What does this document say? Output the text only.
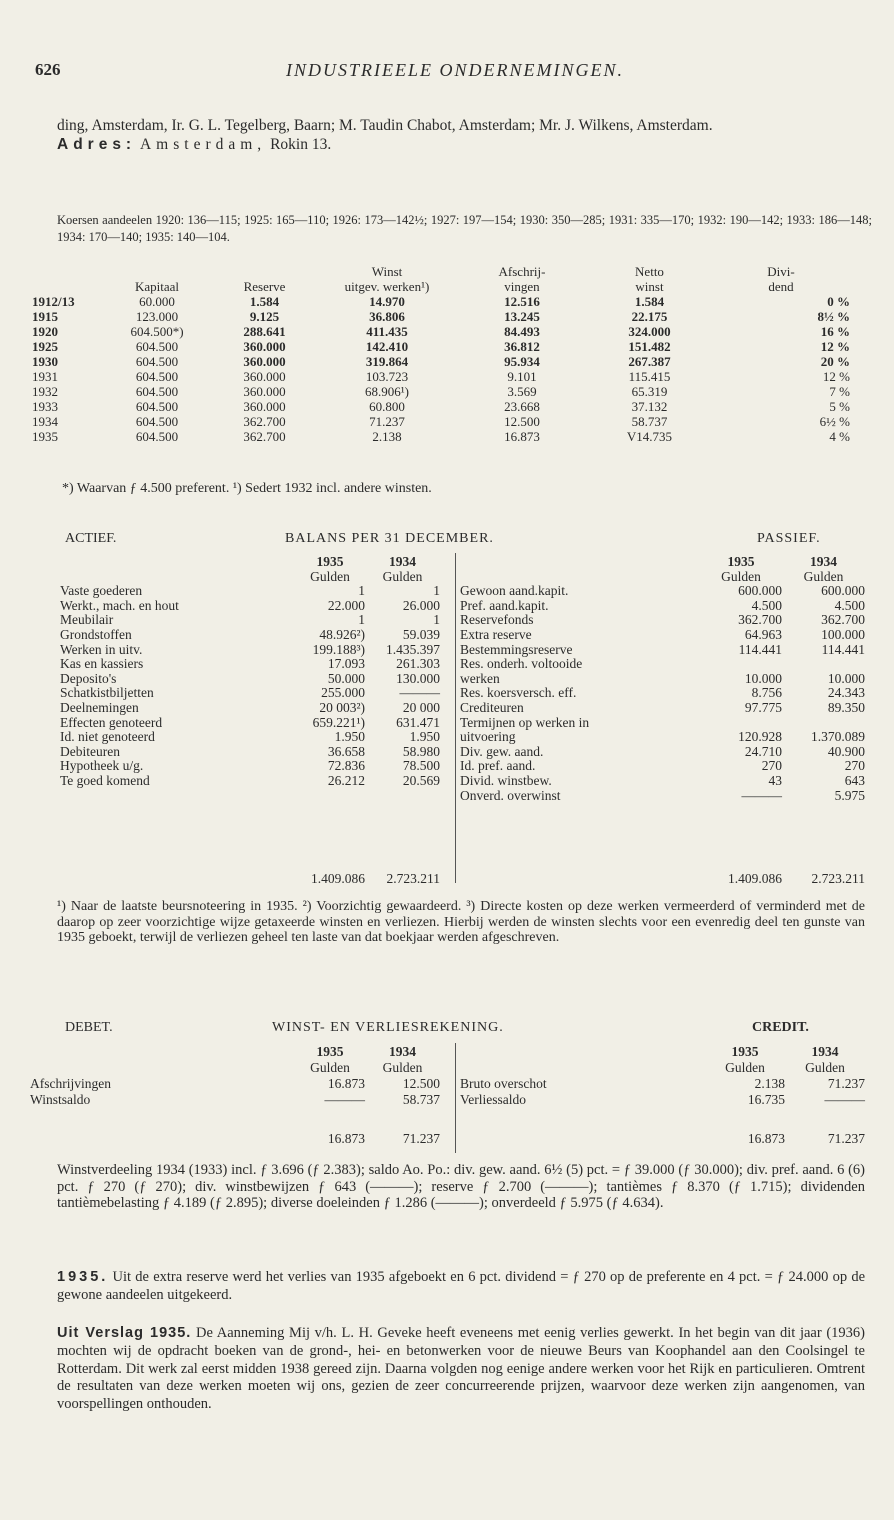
626	INDUSTRIEELE ONDERNEMINGEN.

ding, Amsterdam, Ir. G. L. Tegelberg, Baarn; M. Taudin Chabot, Amsterdam; Mr. J. Wilkens, Amsterdam.
Adres: Amsterdam, Rokin 13.

Koersen aandeelen 1920: 136—115; 1925: 165—110; 1926: 173—142½; 1927: 197—154; 1930: 350—285; 1931: 335—170; 1932: 190—142; 1933: 186—148; 1934: 170—140; 1935: 140—104.

			Winst	Afschrij-	Netto	Divi-
	Kapitaal	Reserve	uitgev. werken¹)	vingen	winst	dend
1912/13	60.000	1.584	14.970	12.516	1.584	0 %
1915	123.000	9.125	36.806	13.245	22.175	8½ %
1920	604.500*)	288.641	411.435	84.493	324.000	16 %
1925	604.500	360.000	142.410	36.812	151.482	12 %
1930	604.500	360.000	319.864	95.934	267.387	20 %
1931	604.500	360.000	103.723	9.101	115.415	12 %
1932	604.500	360.000	68.906¹)	3.569	65.319	7 %
1933	604.500	360.000	60.800	23.668	37.132	5 %
1934	604.500	362.700	71.237	12.500	58.737	6½ %
1935	604.500	362.700	2.138	16.873	V14.735	4 %

*) Waarvan ƒ 4.500 preferent. ¹) Sedert 1932 incl. andere winsten.

ACTIEF.	BALANS PER 31 DECEMBER.	PASSIEF.
	1935	1934
	Gulden	Gulden
Vaste goederen	1	1
Werkt., mach. en hout	22.000	26.000
Meubilair	1	1
Grondstoffen	48.926²)	59.039
Werken in uitv.	199.188³)	1.435.397
Kas en kassiers	17.093	261.303
Deposito's	50.000	130.000
Schatkistbiljetten	255.000	———
Deelnemingen	20 003²)	20 000
Effecten genoteerd	659.221¹)	631.471
Id. niet genoteerd	1.950	1.950
Debiteuren	36.658	58.980
Hypotheek u/g.	72.836	78.500
Te goed komend	26.212	20.569
	1935	1934
	Gulden	Gulden
Gewoon aand.kapit.	600.000	600.000
Pref. aand.kapit.	4.500	4.500
Reservefonds	362.700	362.700
Extra reserve	64.963	100.000
Bestemmingsreserve	114.441	114.441
Res. onderh. voltooide		
werken	10.000	10.000
Res. koersversch. eff.	8.756	24.343
Crediteuren	97.775	89.350
Termijnen op werken in		
uitvoering	120.928	1.370.089
Div. gew. aand.	24.710	40.900
Id. pref. aand.	270	270
Divid. winstbew.	43	643
Onverd. overwinst	———	5.975
	1.409.086	2.723.211
		1.409.086	2.723.211

¹) Naar de laatste beursnoteering in 1935. ²) Voorzichtig gewaardeerd. ³) Directe kosten op deze werken vermeerderd of verminderd met de daarop op zeer voorzichtige wijze getaxeerde winsten en verliezen. Hierbij werden de winsten slechts voor een evenredig deel ten gunste van 1935 geboekt, terwijl de verliezen geheel ten laste van dat boekjaar werden afgeschreven.

DEBET.	WINST- EN VERLIESREKENING.	CREDIT.
	1935	1934
	Gulden	Gulden
Afschrijvingen	16.873	12.500
Winstsaldo	———	58.737
	1935	1934
	Gulden	Gulden
Bruto overschot	2.138	71.237
Verliessaldo	16.735	———
	16.873	71.237
		16.873	71.237

Winstverdeeling 1934 (1933) incl. ƒ 3.696 (ƒ 2.383); saldo Ao. Po.: div. gew. aand. 6½ (5) pct. = ƒ 39.000 (ƒ 30.000); div. pref. aand. 6 (6) pct. ƒ 270 (ƒ 270); div. winstbewijzen ƒ 643 (———); reserve ƒ 2.700 (———); tantièmes ƒ 8.370 (ƒ 1.715); dividenden tantièmebelasting ƒ 4.189 (ƒ 2.895); diverse doeleinden ƒ 1.286 (———); onverdeeld ƒ 5.975 (ƒ 4.634).

1935. Uit de extra reserve werd het verlies van 1935 afgeboekt en 6 pct. dividend = ƒ 270 op de preferente en 4 pct. = ƒ 24.000 op de gewone aandeelen uitgekeerd.

Uit Verslag 1935. De Aanneming Mij v/h. L. H. Geveke heeft eveneens met eenig verlies gewerkt. In het begin van dit jaar (1936) mochten wij de opdracht boeken van de grond-, hei- en betonwerken voor de nieuwe Beurs van Koophandel aan den Coolsingel te Rotterdam. Dit werk zal eerst midden 1938 gereed zijn. Daarna volgden nog eenige andere werken voor het Rijk en particulieren. Omtrent de resultaten van deze werken moeten wij ons, gezien de zeer concurreerende prijzen, waarvoor deze werken zijn aangenomen, van voorspellingen onthouden.
